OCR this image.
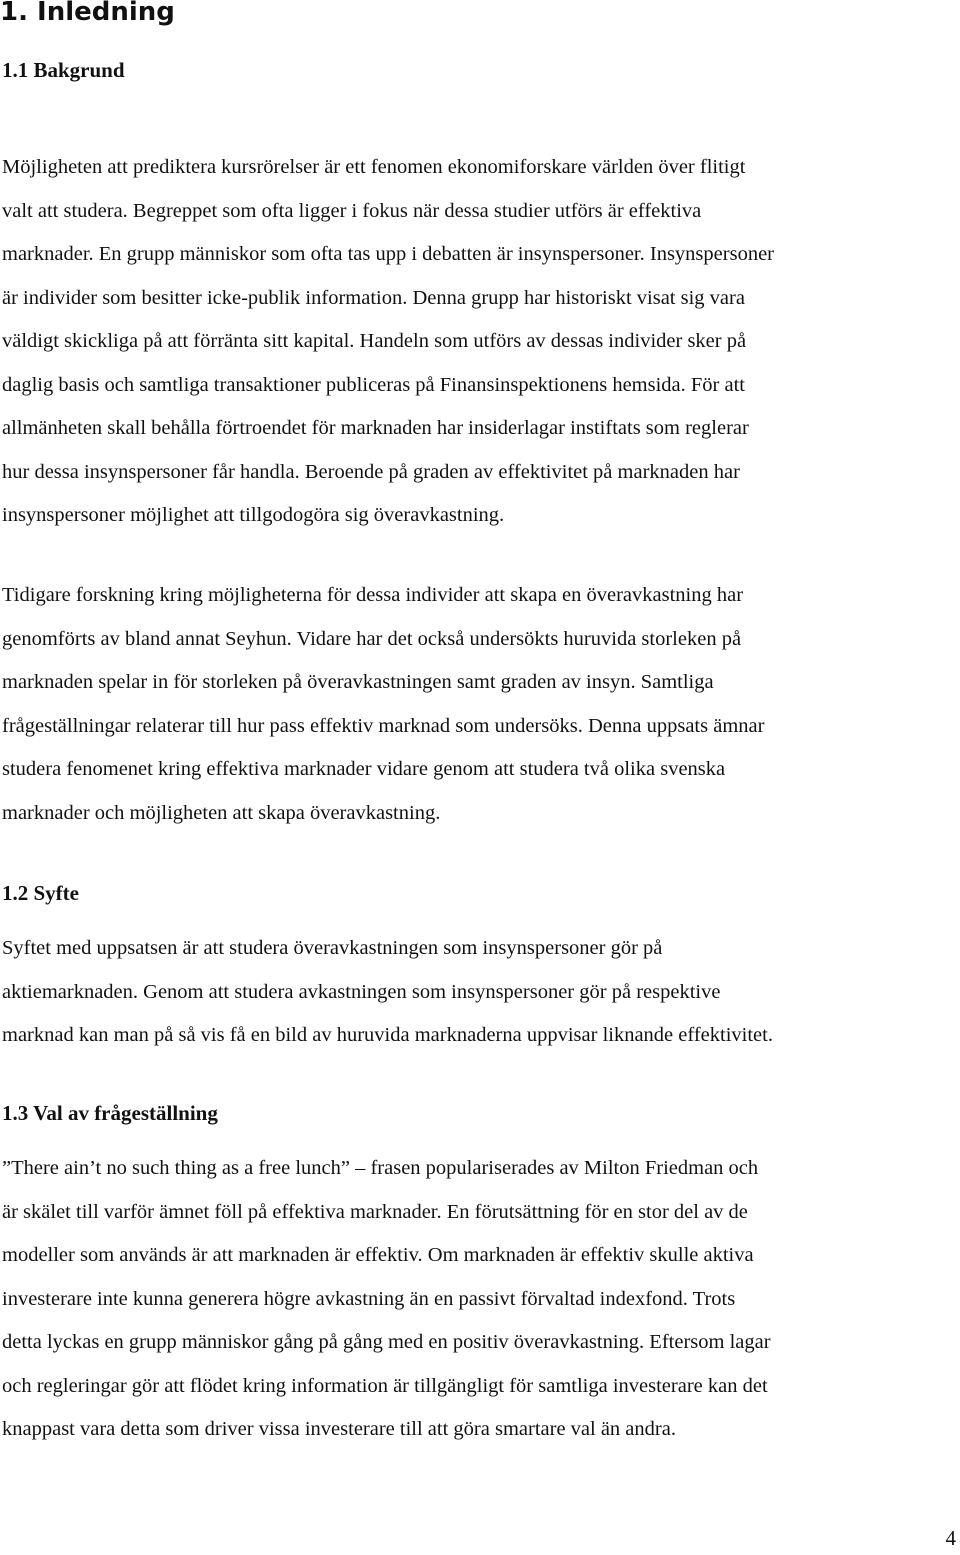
1. Inledning
1.1 Bakgrund
Möjligheten att prediktera kursrörelser är ett fenomen ekonomiforskare världen över flitigt
valt att studera. Begreppet som ofta ligger i fokus när dessa studier utförs är effektiva
marknader. En grupp människor som ofta tas upp i debatten är insynspersoner. Insynspersoner
är individer som besitter icke-publik information. Denna grupp har historiskt visat sig vara
väldigt skickliga på att förränta sitt kapital. Handeln som utförs av dessas individer sker på
daglig basis och samtliga transaktioner publiceras på Finansinspektionens hemsida. För att
allmänheten skall behålla förtroendet för marknaden har insiderlagar instiftats som reglerar
hur dessa insynspersoner får handla. Beroende på graden av effektivitet på marknaden har
insynspersoner möjlighet att tillgodogöra sig överavkastning.
Tidigare forskning kring möjligheterna för dessa individer att skapa en överavkastning har
genomförts av bland annat Seyhun. Vidare har det också undersökts huruvida storleken på
marknaden spelar in för storleken på överavkastningen samt graden av insyn. Samtliga
frågeställningar relaterar till hur pass effektiv marknad som undersöks. Denna uppsats ämnar
studera fenomenet kring effektiva marknader vidare genom att studera två olika svenska
marknader och möjligheten att skapa överavkastning.
1.2 Syfte
Syftet med uppsatsen är att studera överavkastningen som insynspersoner gör på
aktiemarknaden. Genom att studera avkastningen som insynspersoner gör på respektive
marknad kan man på så vis få en bild av huruvida marknaderna uppvisar liknande effektivitet.
1.3 Val av frågeställning
”There ain’t no such thing as a free lunch” – frasen populariserades av Milton Friedman och
är skälet till varför ämnet föll på effektiva marknader. En förutsättning för en stor del av de
modeller som används är att marknaden är effektiv. Om marknaden är effektiv skulle aktiva
investerare inte kunna generera högre avkastning än en passivt förvaltad indexfond. Trots
detta lyckas en grupp människor gång på gång med en positiv överavkastning. Eftersom lagar
och regleringar gör att flödet kring information är tillgängligt för samtliga investerare kan det
knappast vara detta som driver vissa investerare till att göra smartare val än andra.
4
